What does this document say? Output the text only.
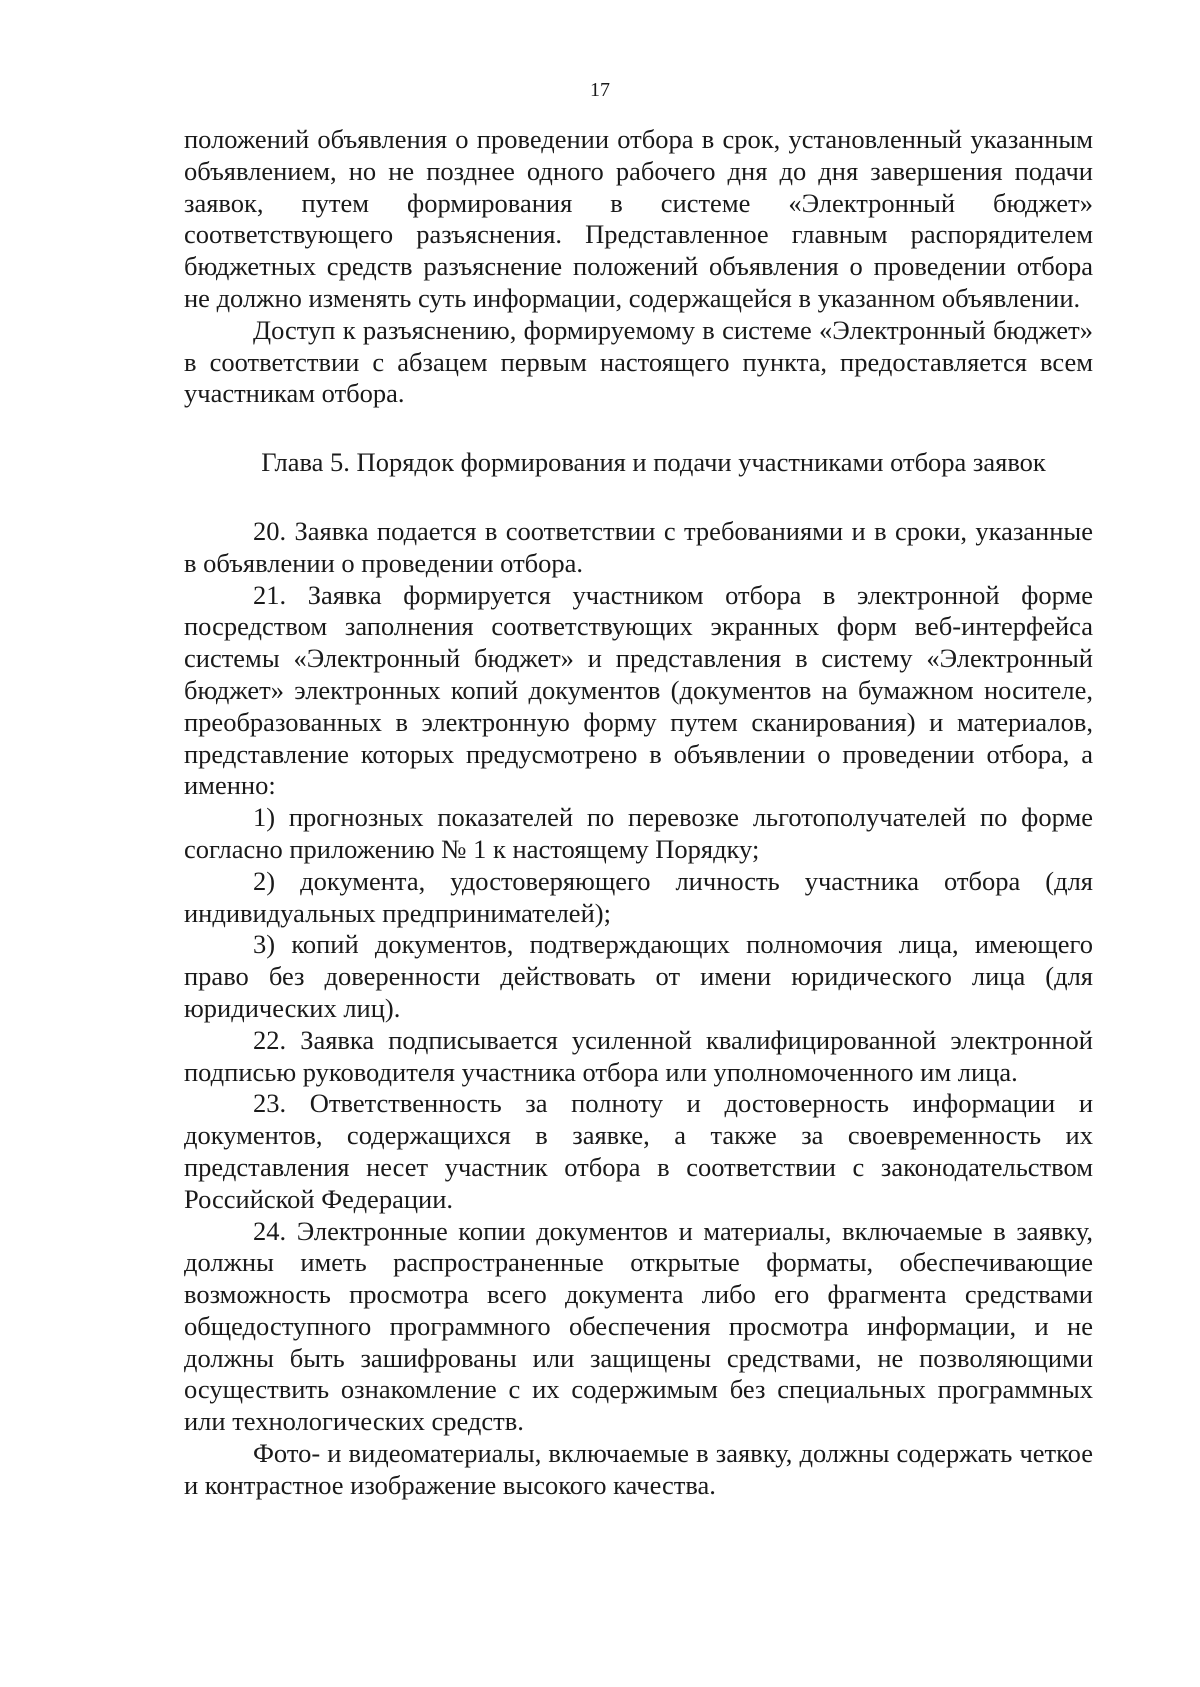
17

положений объявления о проведении отбора в срок, установленный указанным объявлением, но не позднее одного рабочего дня до дня завершения подачи заявок, путем формирования в системе «Электронный бюджет» соответствующего разъяснения. Представленное главным распорядителем бюджетных средств разъяснение положений объявления о проведении отбора не должно изменять суть информации, содержащейся в указанном объявлении.

Доступ к разъяснению, формируемому в системе «Электронный бюджет» в соответствии с абзацем первым настоящего пункта, предоставляется всем участникам отбора.

Глава 5. Порядок формирования и подачи участниками отбора заявок

20. Заявка подается в соответствии с требованиями и в сроки, указанные в объявлении о проведении отбора.

21. Заявка формируется участником отбора в электронной форме посредством заполнения соответствующих экранных форм веб-интерфейса системы «Электронный бюджет» и представления в систему «Электронный бюджет» электронных копий документов (документов на бумажном носителе, преобразованных в электронную форму путем сканирования) и материалов, представление которых предусмотрено в объявлении о проведении отбора, а именно:

1) прогнозных показателей по перевозке льготополучателей по форме согласно приложению № 1 к настоящему Порядку;

2) документа, удостоверяющего личность участника отбора (для индивидуальных предпринимателей);

3) копий документов, подтверждающих полномочия лица, имеющего право без доверенности действовать от имени юридического лица (для юридических лиц).

22. Заявка подписывается усиленной квалифицированной электронной подписью руководителя участника отбора или уполномоченного им лица.

23. Ответственность за полноту и достоверность информации и документов, содержащихся в заявке, а также за своевременность их представления несет участник отбора в соответствии с законодательством Российской Федерации.

24. Электронные копии документов и материалы, включаемые в заявку, должны иметь распространенные открытые форматы, обеспечивающие возможность просмотра всего документа либо его фрагмента средствами общедоступного программного обеспечения просмотра информации, и не должны быть зашифрованы или защищены средствами, не позволяющими осуществить ознакомление с их содержимым без специальных программных или технологических средств.

Фото- и видеоматериалы, включаемые в заявку, должны содержать четкое и контрастное изображение высокого качества.
